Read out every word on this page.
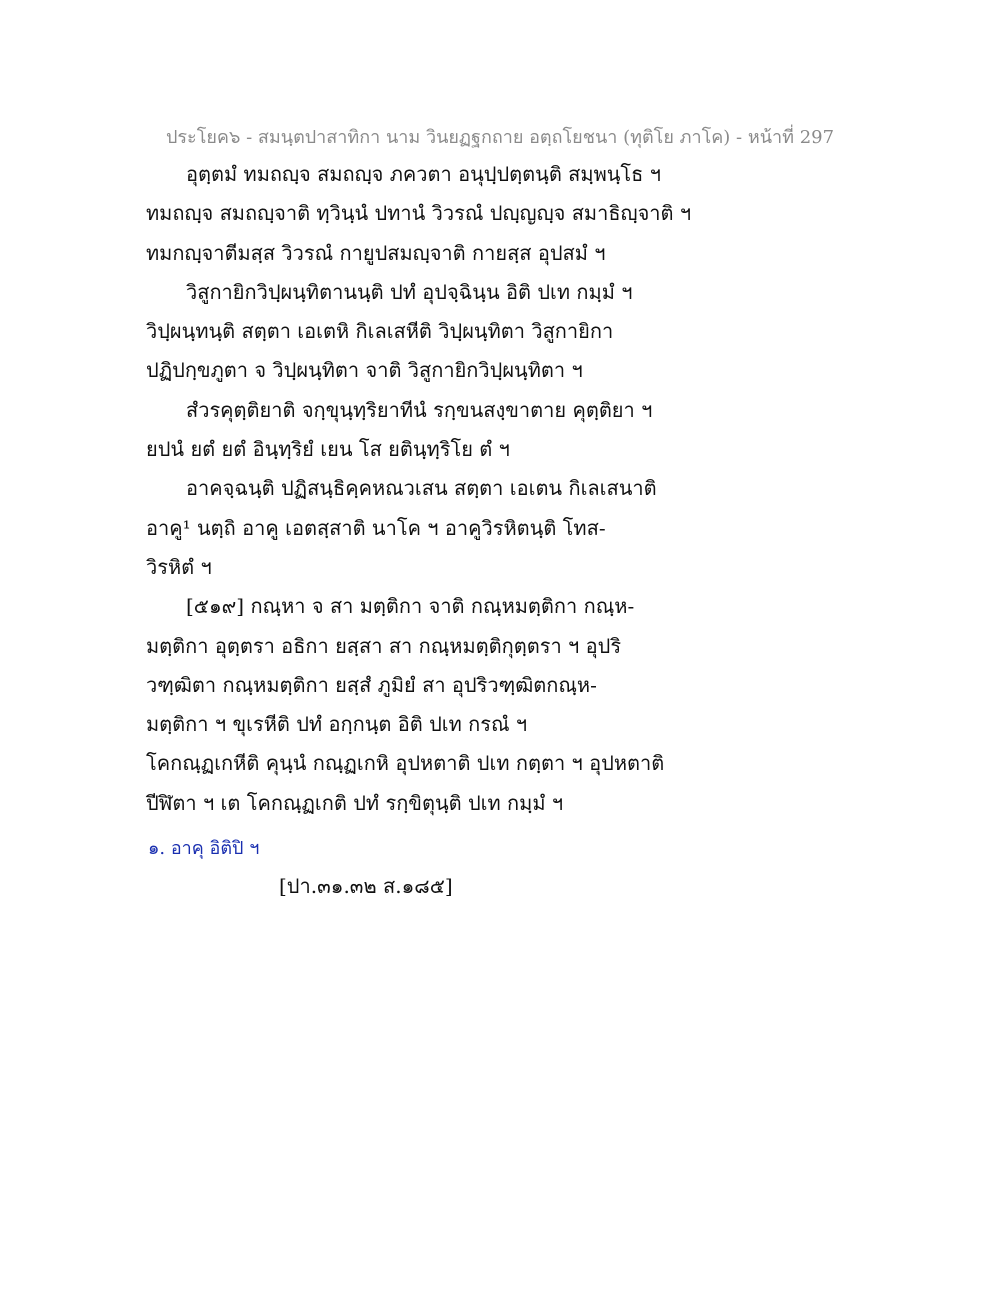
ประโยค๖ - สมนฺตปาสาทิกา นาม วินยฏฐกถาย อตฺถโยชนา (ทุติโย ภาโค) - หน้าที่ 297
อุตฺตมํ ทมถญฺจ สมถญฺจ ภควตา อนุปฺปตฺตนฺติ สมฺพนฺโธ ฯ
ทมถญฺจ สมถญฺจาติ ทฺวินฺนํ ปทานํ วิวรณํ ปญฺญญฺจ สมาธิญฺจาติ ฯ
ทมกญฺจาตีมสฺส วิวรณํ กายูปสมญฺจาติ กายสฺส อุปสมํ ฯ
วิสูกายิกวิปฺผนฺทิตานนฺติ ปทํ อุปจฺฉินฺน อิติ ปเท กมฺมํ ฯ
วิปฺผนฺทนฺติ สตฺตา เอเตหิ กิเลเสหีติ วิปฺผนฺทิตา วิสูกายิกา
ปฏิปกฺขภูตา จ วิปฺผนฺทิตา จาติ วิสูกายิกวิปฺผนฺทิตา ฯ
สํวรคุตฺติยาติ จกฺขุนฺทฺริยาทีนํ รกฺขนสงฺขาตาย คุตฺติยา ฯ
ยปนํ ยตํ ยตํ อินฺทฺริยํ เยน โส ยตินฺทฺริโย ตํ ฯ
อาคจฺฉนฺติ ปฏิสนฺธิคฺคหณวเสน สตฺตา เอเตน กิเลเสนาติ
อาคู¹ นตฺถิ อาคู เอตสฺสาติ นาโค ฯ อาคูวิรหิตนฺติ โทส-
วิรหิตํ ฯ
[๕๑๙] กณฺหา จ สา มตฺติกา จาติ กณฺหมตฺติกา กณฺห-
มตฺติกา อุตฺตรา อธิกา ยสฺสา สา กณฺหมตฺติกุตฺตรา ฯ อุปริ
วฑฺฒิตา กณฺหมตฺติกา ยสฺสํ ภูมิยํ สา อุปริวฑฺฒิตกณฺห-
มตฺติกา ฯ ขุเรหีติ ปทํ อกฺกนฺต อิติ ปเท กรณํ ฯ
โคกณฺฏเกหีติ คุนฺนํ กณฺฏเกหิ อุปหตาติ ปเท กตฺตา ฯ อุปหตาติ
ปีฬิตา ฯ เต โคกณฺฏเกติ ปทํ รกฺขิตุนฺติ ปเท กมฺมํ ฯ
๑. อาคุ อิติปิ ฯ
[ปา.๓๑.๓๒ ส.๑๘๕]
